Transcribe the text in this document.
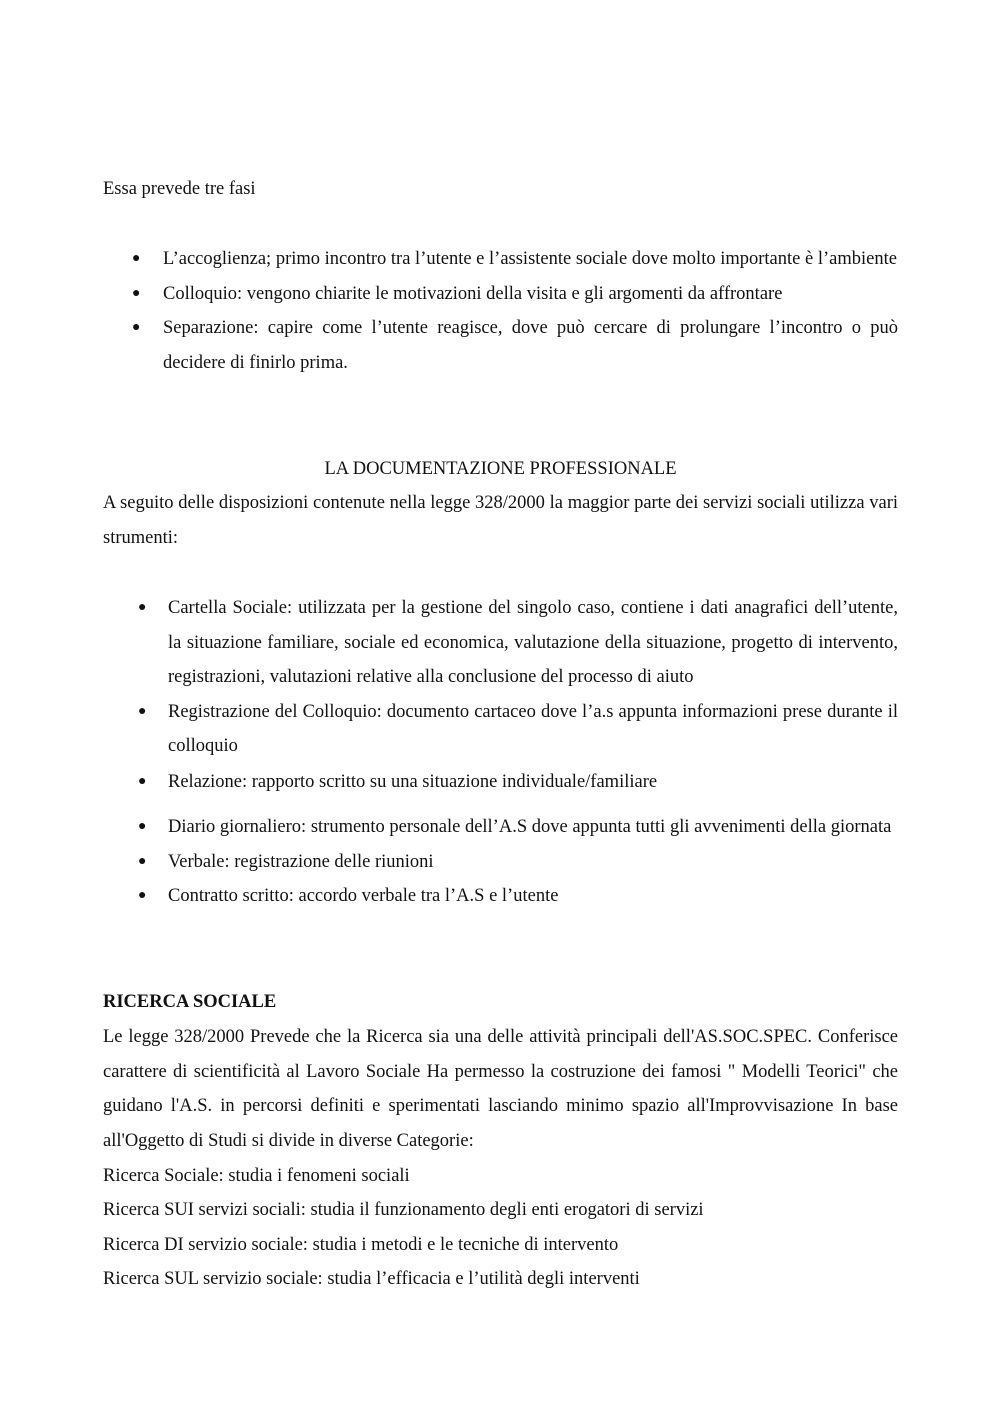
Essa prevede tre fasi
● L’accoglienza; primo incontro tra l’utente e l’assistente sociale dove molto importante è l’ambiente
● Colloquio: vengono chiarite le motivazioni della visita e gli argomenti da affrontare
● Separazione: capire come l’utente reagisce, dove può cercare di prolungare l’incontro o può decidere di finirlo prima.
LA DOCUMENTAZIONE PROFESSIONALE
A seguito delle disposizioni contenute nella legge 328/2000 la maggior parte dei servizi sociali utilizza vari strumenti:
● Cartella Sociale: utilizzata per la gestione del singolo caso, contiene i dati anagrafici dell’utente, la situazione familiare, sociale ed economica, valutazione della situazione, progetto di intervento, registrazioni, valutazioni relative alla conclusione del processo di aiuto
● Registrazione del Colloquio: documento cartaceo dove l’a.s appunta informazioni prese durante il colloquio
● Relazione: rapporto scritto su una situazione individuale/familiare
● Diario giornaliero: strumento personale dell’A.S dove appunta tutti gli avvenimenti della giornata
● Verbale: registrazione delle riunioni
● Contratto scritto: accordo verbale tra l’A.S e l’utente
RICERCA SOCIALE
Le legge 328/2000 Prevede che la Ricerca sia una delle attività principali dell'AS.SOC.SPEC. Conferisce carattere di scientificità al Lavoro Sociale Ha permesso la costruzione dei famosi " Modelli Teorici" che guidano l'A.S. in percorsi definiti e sperimentati lasciando minimo spazio all'Improvvisazione In base all'Oggetto di Studi si divide in diverse Categorie:
Ricerca Sociale: studia i fenomeni sociali
Ricerca SUI servizi sociali: studia il funzionamento degli enti erogatori di servizi
Ricerca DI servizio sociale: studia i metodi e le tecniche di intervento
Ricerca SUL servizio sociale: studia l’efficacia e l’utilità degli interventi
